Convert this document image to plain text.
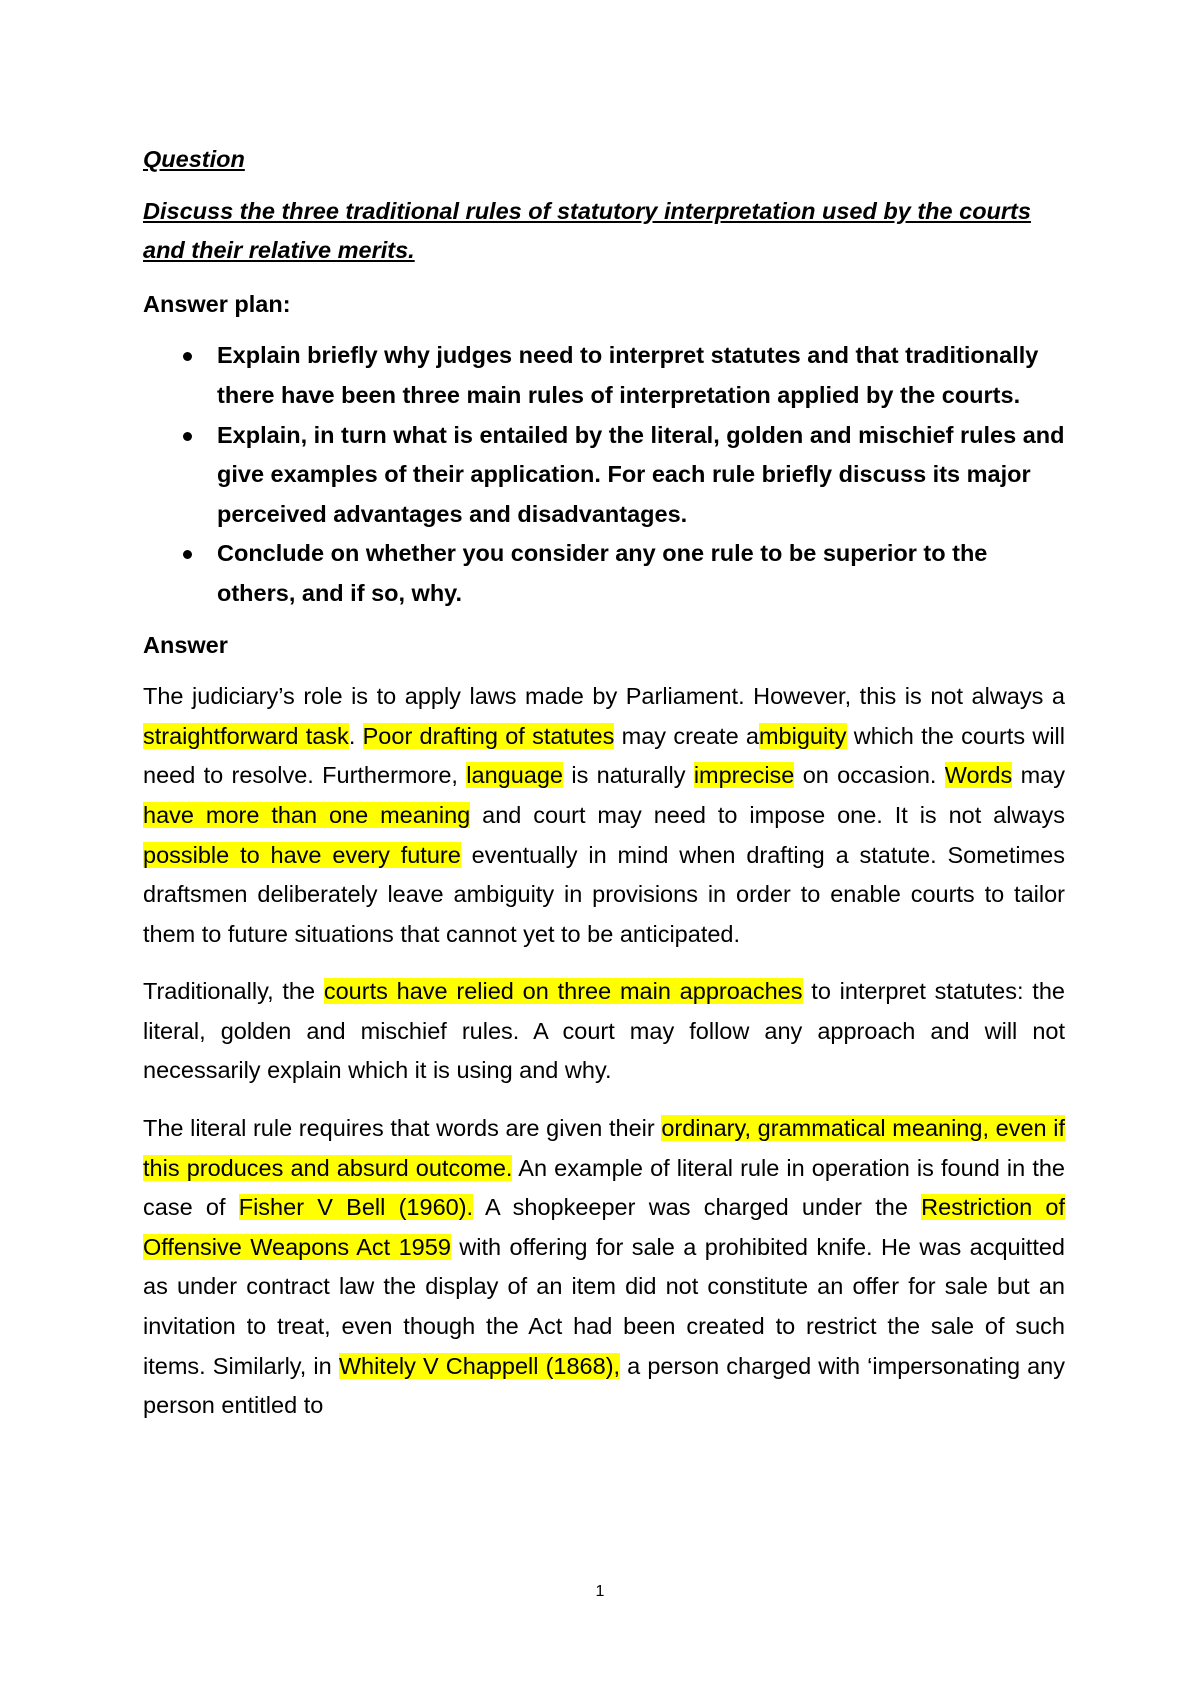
Question
Discuss the three traditional rules of statutory interpretation used by the courts and their relative merits.
Answer plan:
Explain briefly why judges need to interpret statutes and that traditionally there have been three main rules of interpretation applied by the courts.
Explain, in turn what is entailed by the literal, golden and mischief rules and give examples of their application. For each rule briefly discuss its major perceived advantages and disadvantages.
Conclude on whether you consider any one rule to be superior to the others, and if so, why.
Answer

The judiciary’s role is to apply laws made by Parliament. However, this is not always a straightforward task. Poor drafting of statutes may create ambiguity which the courts will need to resolve. Furthermore, language is naturally imprecise on occasion. Words may have more than one meaning and court may need to impose one. It is not always possible to have every future eventually in mind when drafting a statute. Sometimes draftsmen deliberately leave ambiguity in provisions in order to enable courts to tailor them to future situations that cannot yet to be anticipated.

Traditionally, the courts have relied on three main approaches to interpret statutes: the literal, golden and mischief rules. A court may follow any approach and will not necessarily explain which it is using and why.

The literal rule requires that words are given their ordinary, grammatical meaning, even if this produces and absurd outcome. An example of literal rule in operation is found in the case of Fisher V Bell (1960). A shopkeeper was charged under the Restriction of Offensive Weapons Act 1959 with offering for sale a prohibited knife. He was acquitted as under contract law the display of an item did not constitute an offer for sale but an invitation to treat, even though the Act had been created to restrict the sale of such items. Similarly, in Whitely V Chappell (1868), a person charged with ‘impersonating any person entitled to

1
